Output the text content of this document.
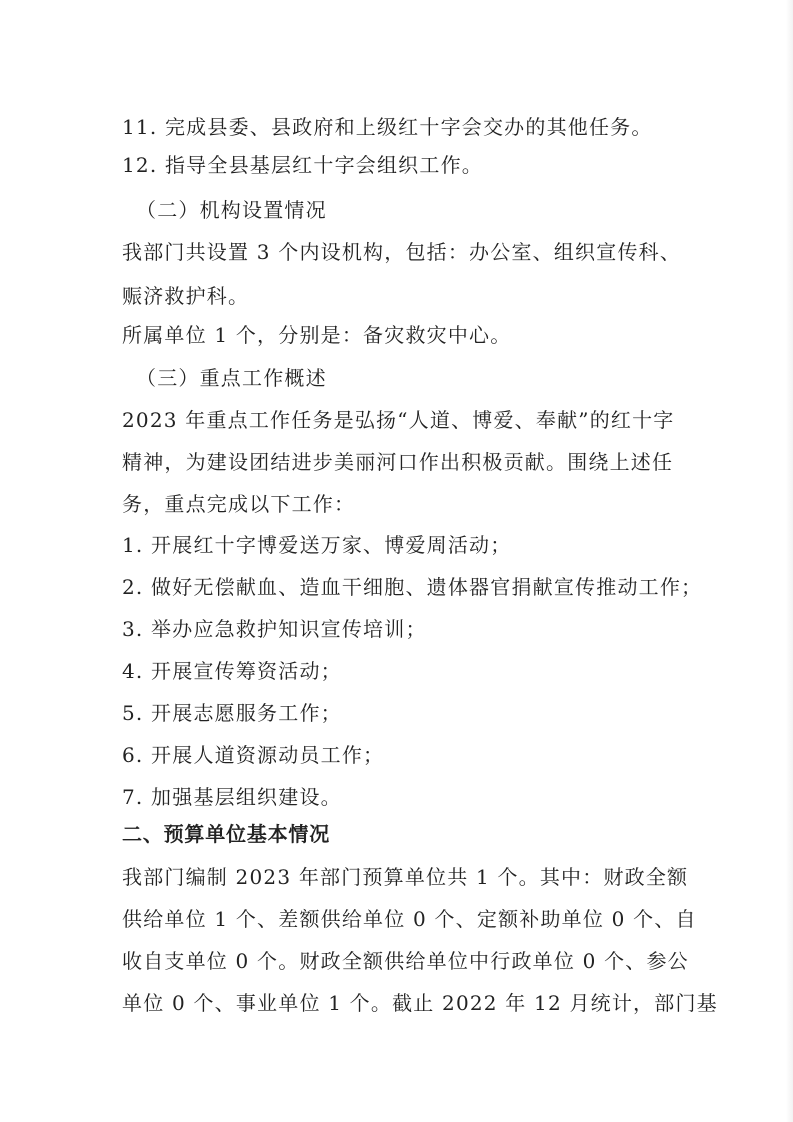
11. 完成县委、县政府和上级红十字会交办的其他任务。
12. 指导全县基层红十字会组织工作。
（二）机构设置情况
我部门共设置 3 个内设机构，包括：办公室、组织宣传科、
赈济救护科。
所属单位 1 个，分别是：备灾救灾中心。
（三）重点工作概述
2023 年重点工作任务是弘扬“人道、博爱、奉献”的红十字
精神，为建设团结进步美丽河口作出积极贡献。围绕上述任
务，重点完成以下工作：
1. 开展红十字博爱送万家、博爱周活动；
2. 做好无偿献血、造血干细胞、遗体器官捐献宣传推动工作；
3. 举办应急救护知识宣传培训；
4. 开展宣传筹资活动；
5. 开展志愿服务工作；
6. 开展人道资源动员工作；
7. 加强基层组织建设。
二、预算单位基本情况
我部门编制 2023 年部门预算单位共 1 个。其中：财政全额
供给单位 1 个、差额供给单位 0 个、定额补助单位 0 个、自
收自支单位 0 个。财政全额供给单位中行政单位 0 个、参公
单位 0 个、事业单位 1 个。截止 2022 年 12 月统计，部门基
